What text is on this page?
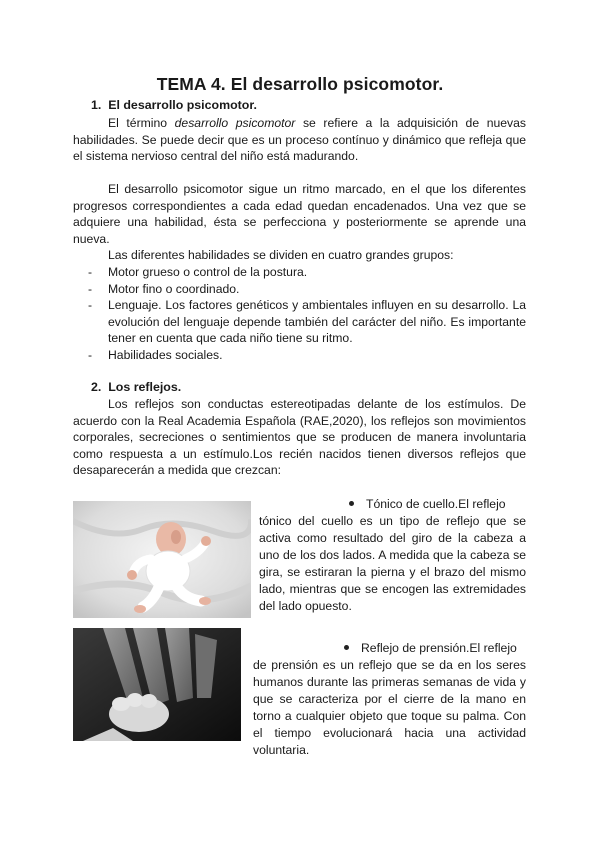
TEMA 4. El desarrollo psicomotor.
1.  El desarrollo psicomotor.
El término desarrollo psicomotor se refiere a la adquisición de nuevas habilidades. Se puede decir que es un proceso contínuo y dinámico que refleja que el sistema nervioso central del niño está madurando.
El desarrollo psicomotor sigue un ritmo marcado, en el que los diferentes progresos correspondientes a cada edad quedan encadenados. Una vez que se adquiere una habilidad, ésta se perfecciona y posteriormente se aprende una nueva.
Las diferentes habilidades se dividen en cuatro grandes grupos:
- Motor grueso o control de la postura.
- Motor fino o coordinado.
- Lenguaje. Los factores genéticos y ambientales influyen en su desarrollo. La evolución del lenguaje depende también del carácter del niño. Es importante tener en cuenta que cada niño tiene su ritmo.
- Habilidades sociales.
2.  Los reflejos.
Los reflejos son conductas estereotipadas delante de los estímulos. De acuerdo con la Real Academia Española (RAE,2020), los reflejos son movimientos corporales, secreciones o sentimientos que se producen de manera involuntaria como respuesta a un estímulo.Los recién nacidos tienen diversos reflejos que desaparecerán a medida que crezcan:
Tónico de cuello.El reflejo
tónico del cuello es un tipo de reflejo que se activa como resultado del giro de la cabeza a uno de los dos lados. A medida que la cabeza se gira, se estiraran la pierna y el brazo del mismo lado, mientras que se encogen las extremidades del lado opuesto.
Reflejo de prensión.El reflejo
de prensión es un reflejo que se da en los seres humanos durante las primeras semanas de vida y que se caracteriza por el cierre de la mano en torno a cualquier objeto que toque su palma. Con el tiempo evolucionará hacia una actividad voluntaria.
